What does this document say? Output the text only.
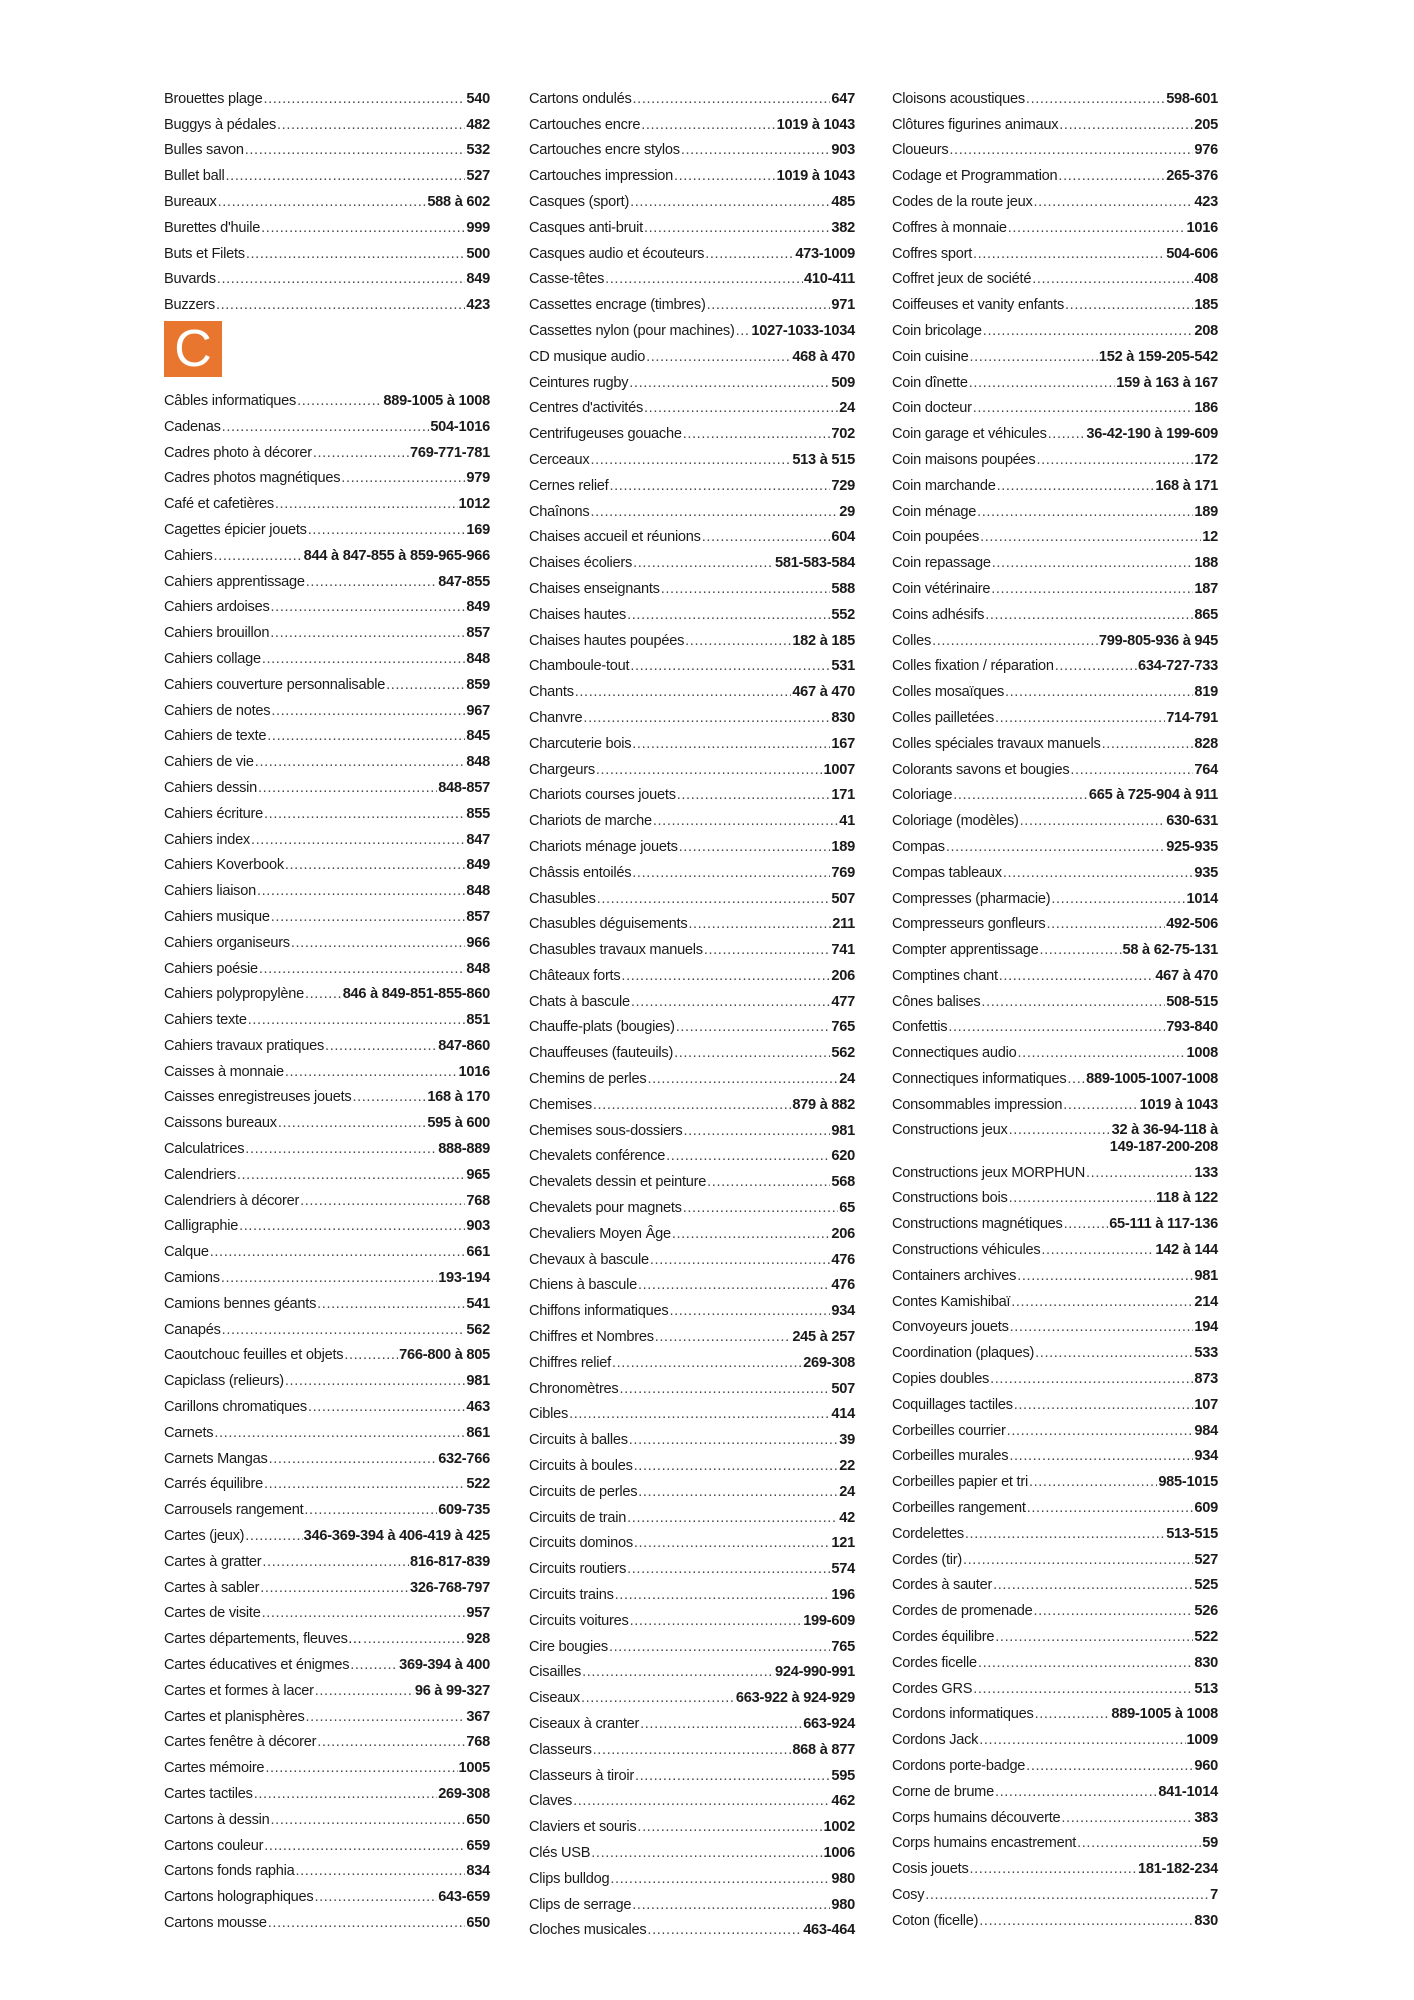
Brouettes plage .....	540
Buggys à pédales .....	482
Bulles savon .....	532
Bullet ball .....	527
Bureaux .....	588 à 602
Burettes d'huile .....	999
Buts et Filets .....	500
Buvards .....	849
Buzzers .....	423
C
Câbles informatiques .....	889-1005 à 1008
Cadenas .....	504-1016
Cadres photo à décorer .....	769-771-781
Cadres photos magnétiques .....	979
Café et cafetières .....	1012
Cagettes épicier jouets .....	169
Cahiers .....	844 à 847-855 à 859-965-966
Cahiers apprentissage .....	847-855
Cahiers ardoises .....	849
Cahiers brouillon .....	857
Cahiers collage .....	848
Cahiers couverture personnalisable .....	859
Cahiers de notes .....	967
Cahiers de texte .....	845
Cahiers de vie .....	848
Cahiers dessin .....	848-857
Cahiers écriture .....	855
Cahiers index .....	847
Cahiers Koverbook .....	849
Cahiers liaison .....	848
Cahiers musique .....	857
Cahiers organiseurs .....	966
Cahiers poésie .....	848
Cahiers polypropylène .....	846 à 849-851-855-860
Cahiers texte .....	851
Cahiers travaux pratiques .....	847-860
Caisses à monnaie .....	1016
Caisses enregistreuses jouets .....	168 à 170
Caissons bureaux .....	595 à 600
Calculatrices .....	888-889
Calendriers .....	965
Calendriers à décorer .....	768
Calligraphie .....	903
Calque .....	661
Camions .....	193-194
Camions bennes géants .....	541
Canapés .....	562
Caoutchouc feuilles et objets .....	766-800 à 805
Capiclass (relieurs) .....	981
Carillons chromatiques .....	463
Carnets .....	861
Carnets Mangas .....	632-766
Carrés équilibre .....	522
Carrousels rangement .....	609-735
Cartes (jeux) .....	346-369-394 à 406-419 à 425
Cartes à gratter .....	816-817-839
Cartes à sabler .....	326-768-797
Cartes de visite .....	957
Cartes départements, fleuves… .....	928
Cartes éducatives et énigmes .....	369-394 à 400
Cartes et formes à lacer .....	96 à 99-327
Cartes et planisphères .....	367
Cartes fenêtre à décorer .....	768
Cartes mémoire .....	1005
Cartes tactiles .....	269-308
Cartons à dessin .....	650
Cartons couleur .....	659
Cartons fonds raphia .....	834
Cartons holographiques .....	643-659
Cartons mousse .....	650
Cartons ondulés .....	647
Cartouches encre .....	1019 à 1043
Cartouches encre stylos .....	903
Cartouches impression .....	1019 à 1043
Casques (sport) .....	485
Casques anti-bruit .....	382
Casques audio et écouteurs .....	473-1009
Casse-têtes .....	410-411
Cassettes encrage (timbres) .....	971
Cassettes nylon (pour machines) ..... 1027-1033-1034
CD musique audio .....	468 à 470
Ceintures rugby .....	509
Centres d'activités .....	24
Centrifugeuses gouache .....	702
Cerceaux .....	513 à 515
Cernes relief .....	729
Chaînons .....	29
Chaises accueil et réunions .....	604
Chaises écoliers .....	581-583-584
Chaises enseignants .....	588
Chaises hautes .....	552
Chaises hautes poupées .....	182 à 185
Chamboule-tout .....	531
Chants .....	467 à 470
Chanvre .....	830
Charcuterie bois .....	167
Chargeurs .....	1007
Chariots courses jouets .....	171
Chariots de marche .....	41
Chariots ménage jouets .....	189
Châssis entoilés .....	769
Chasubles .....	507
Chasubles déguisements .....	211
Chasubles travaux manuels .....	741
Châteaux forts .....	206
Chats à bascule .....	477
Chauffe-plats (bougies) .....	765
Chauffeuses (fauteuils) .....	562
Chemins de perles .....	24
Chemises .....	879 à 882
Chemises sous-dossiers .....	981
Chevalets conférence .....	620
Chevalets dessin et peinture .....	568
Chevalets pour magnets .....	65
Chevaliers Moyen Âge .....	206
Chevaux à bascule .....	476
Chiens à bascule .....	476
Chiffons informatiques .....	934
Chiffres et Nombres .....	245 à 257
Chiffres relief .....	269-308
Chronomètres .....	507
Cibles .....	414
Circuits à balles .....	39
Circuits à boules .....	22
Circuits de perles .....	24
Circuits de train .....	42
Circuits dominos .....	121
Circuits routiers .....	574
Circuits trains .....	196
Circuits voitures .....	199-609
Cire bougies .....	765
Cisailles .....	924-990-991
Ciseaux .....	663-922 à 924-929
Ciseaux à cranter .....	663-924
Classeurs .....	868 à 877
Classeurs à tiroir .....	595
Claves .....	462
Claviers et souris .....	1002
Clés USB .....	1006
Clips bulldog .....	980
Clips de serrage .....	980
Cloches musicales .....	463-464
Cloisons acoustiques .....	598-601
Clôtures figurines animaux .....	205
Cloueurs .....	976
Codage et Programmation .....	265-376
Codes de la route jeux .....	423
Coffres à monnaie .....	1016
Coffres sport .....	504-606
Coffret jeux de société .....	408
Coiffeuses et vanity enfants .....	185
Coin bricolage .....	208
Coin cuisine .....	152 à 159-205-542
Coin dînette .....	159 à 163 à 167
Coin docteur .....	186
Coin garage et véhicules .....	36-42-190 à 199-609
Coin maisons poupées .....	172
Coin marchande .....	168 à 171
Coin ménage .....	189
Coin poupées .....	12
Coin repassage .....	188
Coin vétérinaire .....	187
Coins adhésifs .....	865
Colles .....	799-805-936 à 945
Colles fixation / réparation .....	634-727-733
Colles mosaïques .....	819
Colles pailletées .....	714-791
Colles spéciales travaux manuels .....	828
Colorants savons et bougies .....	764
Coloriage .....	665 à 725-904 à 911
Coloriage (modèles) .....	630-631
Compas .....	925-935
Compas tableaux .....	935
Compresses (pharmacie) .....	1014
Compresseurs gonfleurs .....	492-506
Compter apprentissage .....	58 à 62-75-131
Comptines chant .....	467 à 470
Cônes balises .....	508-515
Confettis .....	793-840
Connectiques audio .....	1008
Connectiques informatiques ..... 889-1005-1007-1008
Consommables impression .....	1019 à 1043
Constructions jeux .....	32 à 36-94-118 à
149-187-200-208
Constructions jeux MORPHUN .....	133
Constructions bois .....	118 à 122
Constructions magnétiques .....	65-111 à 117-136
Constructions véhicules .....	142 à 144
Containers archives .....	981
Contes Kamishibaï .....	214
Convoyeurs jouets .....	194
Coordination (plaques) .....	533
Copies doubles .....	873
Coquillages tactiles .....	107
Corbeilles courrier .....	984
Corbeilles murales .....	934
Corbeilles papier et tri .....	985-1015
Corbeilles rangement .....	609
Cordelettes .....	513-515
Cordes (tir) .....	527
Cordes à sauter .....	525
Cordes de promenade .....	526
Cordes équilibre .....	522
Cordes ficelle .....	830
Cordes GRS .....	513
Cordons informatiques .....	889-1005 à 1008
Cordons Jack .....	1009
Cordons porte-badge .....	960
Corne de brume .....	841-1014
Corps humains découverte .....	383
Corps humains encastrement .....	59
Cosis jouets .....	181-182-234
Cosy .....	7
Coton (ficelle) .....	830
